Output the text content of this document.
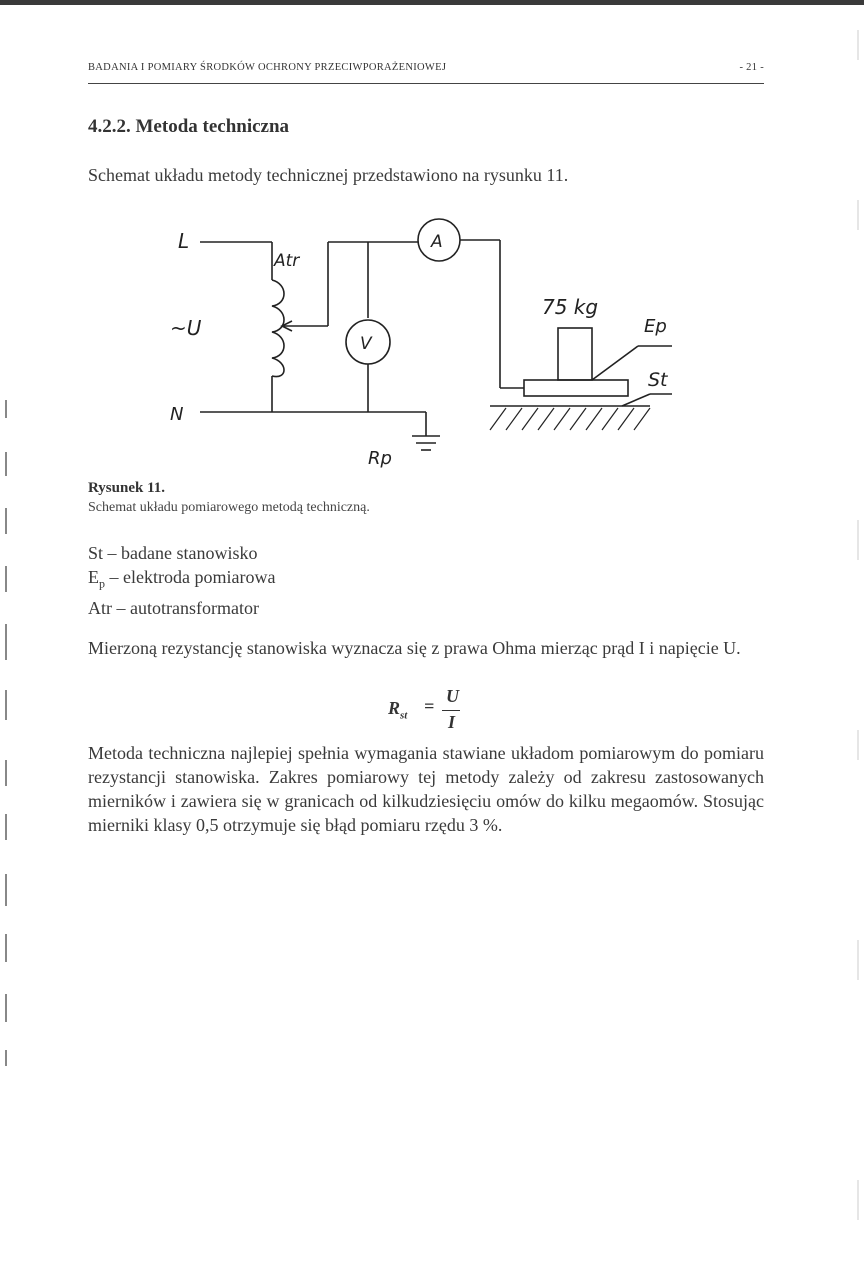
BADANIA I POMIARY ŚRODKÓW OCHRONY PRZECIWPORAŻENIOWEJ	- 21 -
4.2.2. Metoda techniczna
Schemat układu metody technicznej przedstawiono na rysunku 11.
L
~U
N
Atr
A
V
Rp
75 kg
Ep
St
Rysunek 11.
Schemat układu pomiarowego metodą techniczną.
St – badane stanowisko
$E_p$ – elektroda pomiarowa
Atr – autotransformator
Mierzoną rezystancję stanowiska wyznacza się z prawa Ohma mierząc prąd I i napięcie U.
$R_{st} = U$
I
Metoda techniczna najlepiej spełnia wymagania stawiane układom pomiarowym do pomiaru rezystancji stanowiska. Zakres pomiarowy tej metody zależy od zakresu zastosowanych mierników i zawiera się w granicach od kilkudziesięciu omów do kilku megaomów. Stosując mierniki klasy 0,5 otrzymuje się błąd pomiaru rzędu 3 %.
